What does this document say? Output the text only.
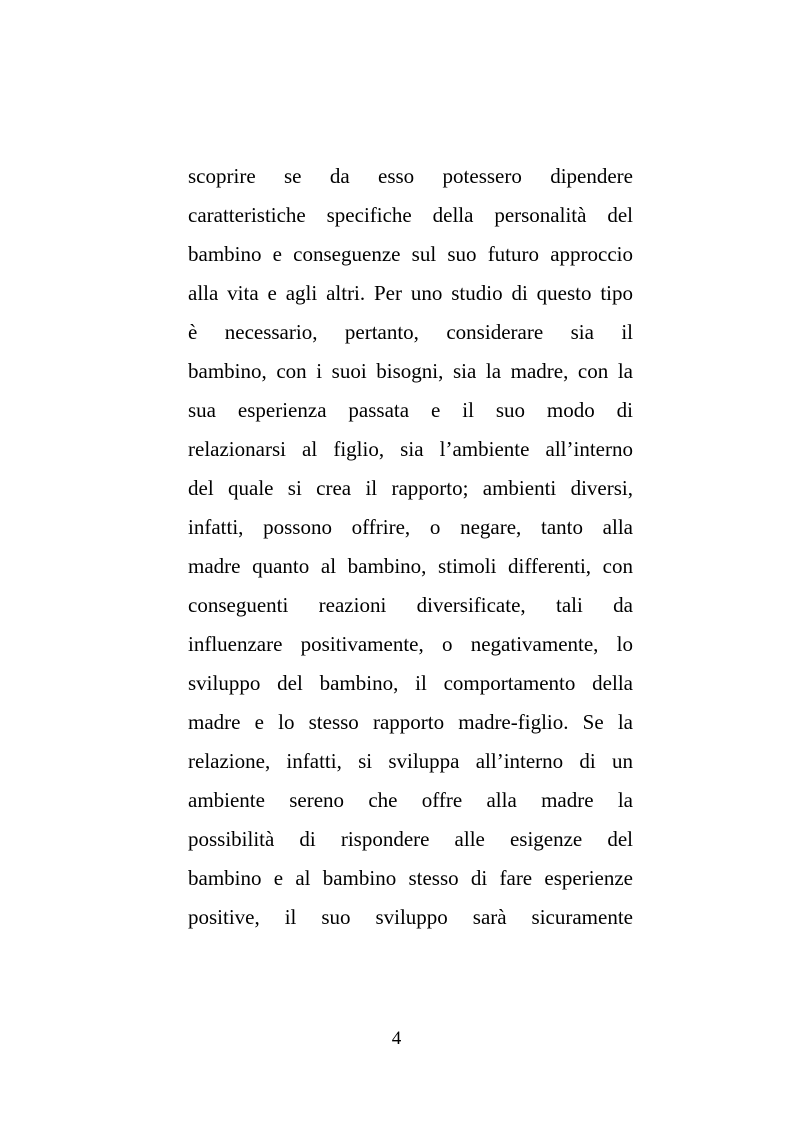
scoprire se da esso potessero dipendere
caratteristiche specifiche della personalità del
bambino e conseguenze sul suo futuro approccio
alla vita e agli altri. Per uno studio di questo tipo
è necessario, pertanto, considerare sia il
bambino, con i suoi bisogni, sia la madre, con la
sua esperienza passata e il suo modo di
relazionarsi al figlio, sia l’ambiente all’interno
del quale si crea il rapporto; ambienti diversi,
infatti, possono offrire, o negare, tanto alla
madre quanto al bambino, stimoli differenti, con
conseguenti reazioni diversificate, tali da
influenzare positivamente, o negativamente, lo
sviluppo del bambino, il comportamento della
madre e lo stesso rapporto madre-figlio. Se la
relazione, infatti, si sviluppa all’interno di un
ambiente sereno che offre alla madre la
possibilità di rispondere alle esigenze del
bambino e al bambino stesso di fare esperienze
positive, il suo sviluppo sarà sicuramente
4
